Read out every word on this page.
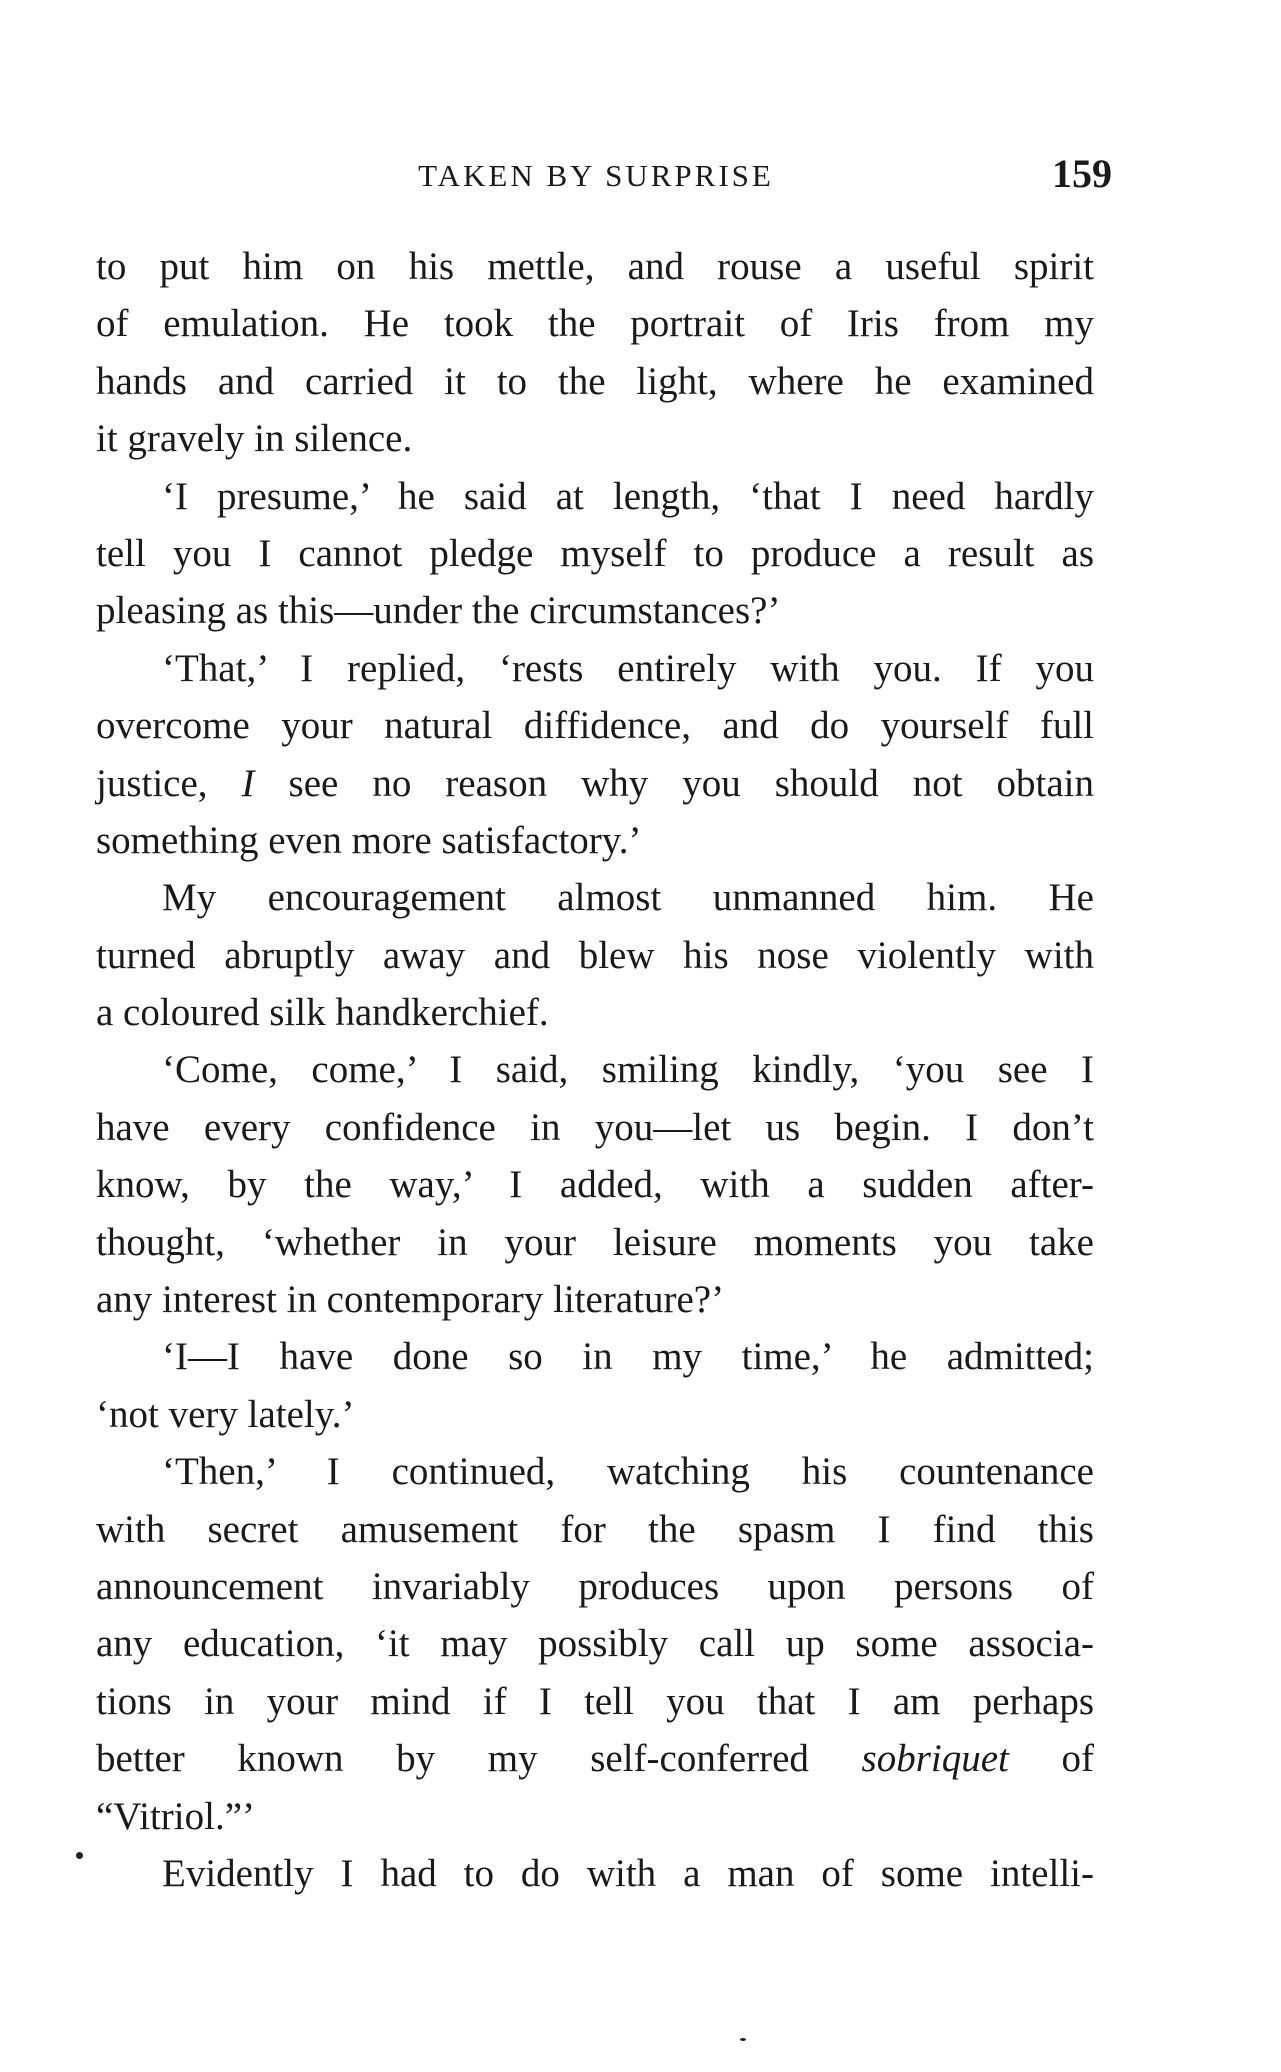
TAKEN BY SURPRISE	159
to put him on his mettle, and rouse a useful spirit
of emulation. He took the portrait of Iris from my
hands and carried it to the light, where he examined
it gravely in silence.
‘I presume,’ he said at length, ‘that I need hardly
tell you I cannot pledge myself to produce a result as
pleasing as this—under the circumstances?’
‘That,’ I replied, ‘rests entirely with you. If you
overcome your natural diffidence, and do yourself full
justice, I see no reason why you should not obtain
something even more satisfactory.’
My encouragement almost unmanned him. He
turned abruptly away and blew his nose violently with
a coloured silk handkerchief.
‘Come, come,’ I said, smiling kindly, ‘you see I
have every confidence in you—let us begin. I don’t
know, by the way,’ I added, with a sudden after-
thought, ‘whether in your leisure moments you take
any interest in contemporary literature?’
‘I—I have done so in my time,’ he admitted;
‘not very lately.’
‘Then,’ I continued, watching his countenance
with secret amusement for the spasm I find this
announcement invariably produces upon persons of
any education, ‘it may possibly call up some associa-
tions in your mind if I tell you that I am perhaps
better known by my self-conferred sobriquet of
“Vitriol.”’
Evidently I had to do with a man of some intelli-
